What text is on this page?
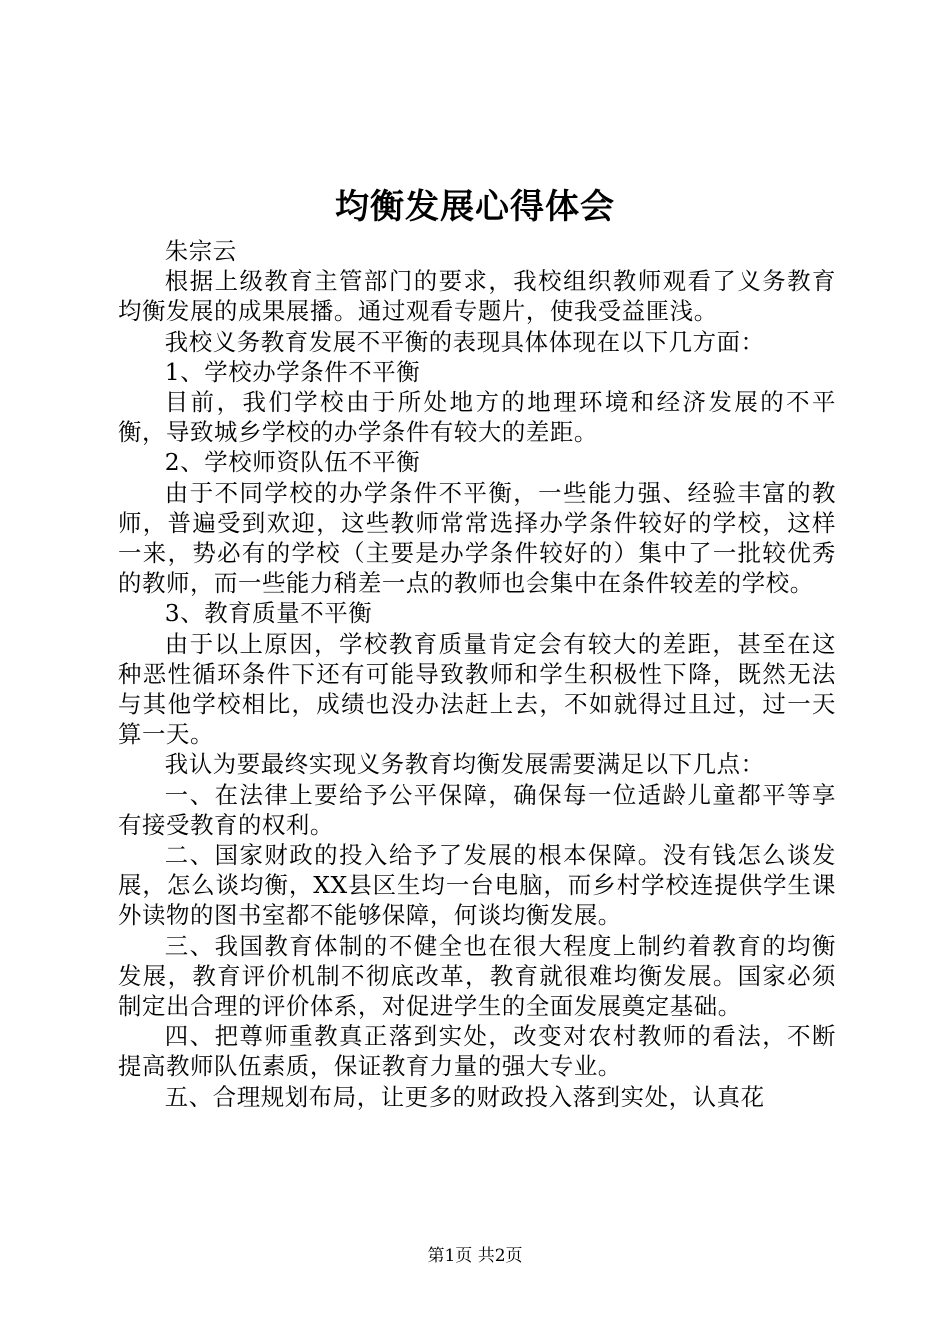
均衡发展心得体会

朱宗云

根据上级教育主管部门的要求，我校组织教师观看了义务教育均衡发展的成果展播。通过观看专题片，使我受益匪浅。

我校义务教育发展不平衡的表现具体体现在以下几方面：

1、学校办学条件不平衡

目前，我们学校由于所处地方的地理环境和经济发展的不平衡，导致城乡学校的办学条件有较大的差距。

2、学校师资队伍不平衡

由于不同学校的办学条件不平衡，一些能力强、经验丰富的教师，普遍受到欢迎，这些教师常常选择办学条件较好的学校，这样一来，势必有的学校（主要是办学条件较好的）集中了一批较优秀的教师，而一些能力稍差一点的教师也会集中在条件较差的学校。

3、教育质量不平衡

由于以上原因，学校教育质量肯定会有较大的差距，甚至在这种恶性循环条件下还有可能导致教师和学生积极性下降，既然无法与其他学校相比，成绩也没办法赶上去，不如就得过且过，过一天算一天。

我认为要最终实现义务教育均衡发展需要满足以下几点：

一、在法律上要给予公平保障，确保每一位适龄儿童都平等享有接受教育的权利。

二、国家财政的投入给予了发展的根本保障。没有钱怎么谈发展，怎么谈均衡，XX县区生均一台电脑，而乡村学校连提供学生课外读物的图书室都不能够保障，何谈均衡发展。

三、我国教育体制的不健全也在很大程度上制约着教育的均衡发展，教育评价机制不彻底改革，教育就很难均衡发展。国家必须制定出合理的评价体系，对促进学生的全面发展奠定基础。

四、把尊师重教真正落到实处，改变对农村教师的看法，不断提高教师队伍素质，保证教育力量的强大专业。

五、合理规划布局，让更多的财政投入落到实处，认真花

第1页 共2页
